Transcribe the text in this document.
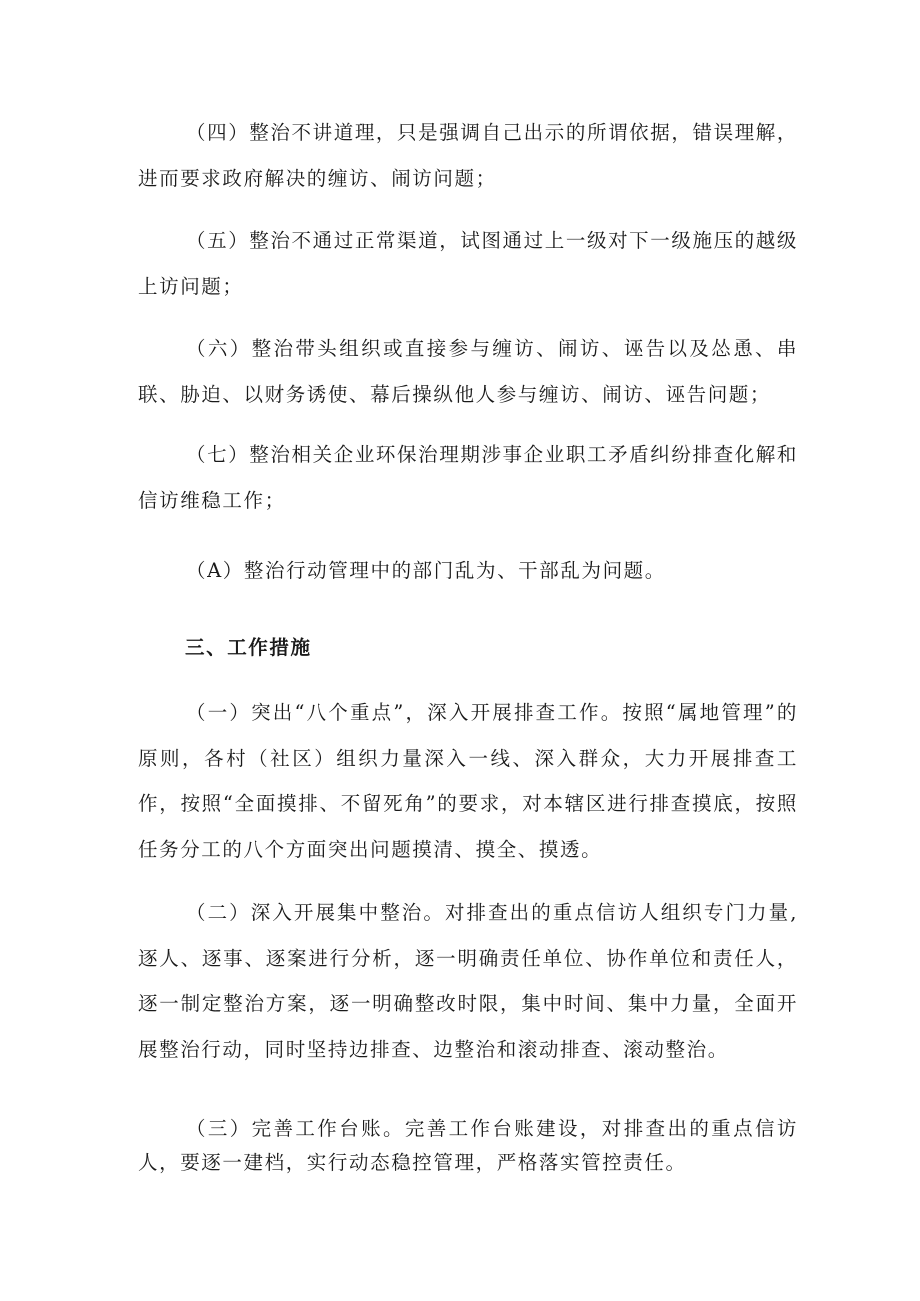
（四）整治不讲道理，只是强调自己出示的所谓依据，错误理解，进而要求政府解决的缠访、闹访问题；

（五）整治不通过正常渠道，试图通过上一级对下一级施压的越级上访问题；

（六）整治带头组织或直接参与缠访、闹访、诬告以及怂恿、串联、胁迫、以财务诱使、幕后操纵他人参与缠访、闹访、诬告问题；

（七）整治相关企业环保治理期涉事企业职工矛盾纠纷排查化解和信访维稳工作；

（A）整治行动管理中的部门乱为、干部乱为问题。

三、工作措施

（一）突出“八个重点”，深入开展排查工作。按照“属地管理”的原则，各村（社区）组织力量深入一线、深入群众，大力开展排查工作，按照“全面摸排、不留死角”的要求，对本辖区进行排查摸底，按照任务分工的八个方面突出问题摸清、摸全、摸透。

（二）深入开展集中整治。对排查出的重点信访人组织专门力量,逐人、逐事、逐案进行分析，逐一明确责任单位、协作单位和责任人，逐一制定整治方案，逐一明确整改时限，集中时间、集中力量，全面开展整治行动，同时坚持边排查、边整治和滚动排查、滚动整治。

（三）完善工作台账。完善工作台账建设，对排查出的重点信访人，要逐一建档，实行动态稳控管理，严格落实管控责任。
